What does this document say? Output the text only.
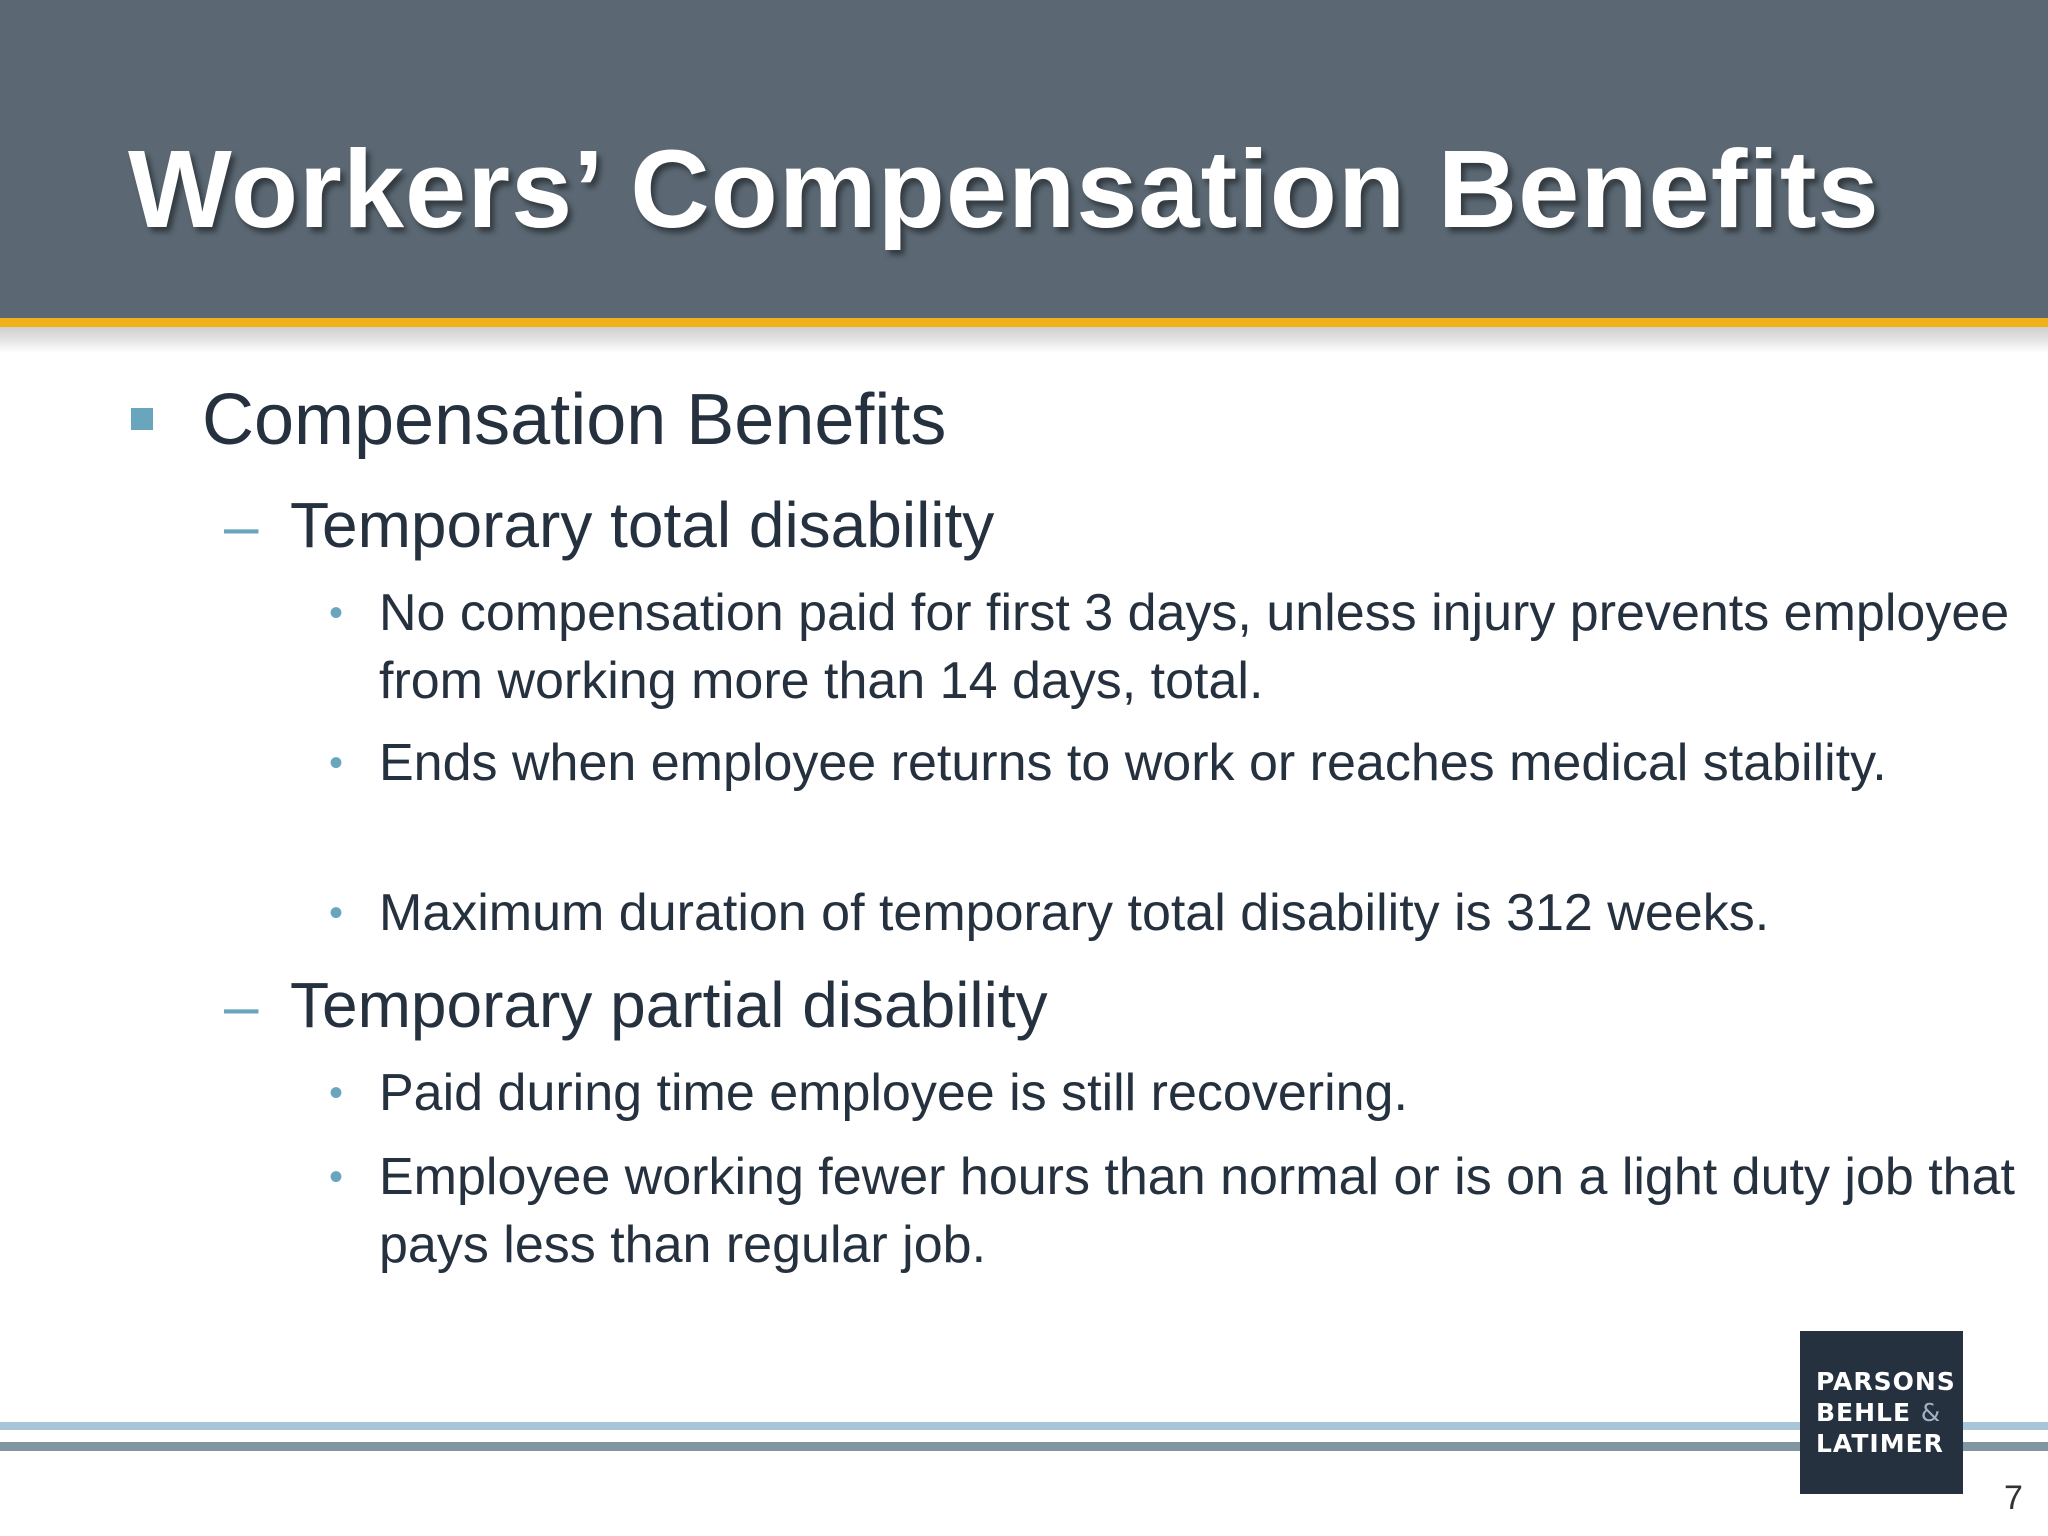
Workers’ Compensation Benefits
Compensation Benefits
– Temporary total disability
• No compensation paid for first 3 days, unless injury prevents employee from working more than 14 days, total.
• Ends when employee returns to work or reaches medical stability.
• Maximum duration of temporary total disability is 312 weeks.
– Temporary partial disability
• Paid during time employee is still recovering.
• Employee working fewer hours than normal or is on a light duty job that pays less than regular job.
PARSONS
BEHLE &
LATIMER
7
